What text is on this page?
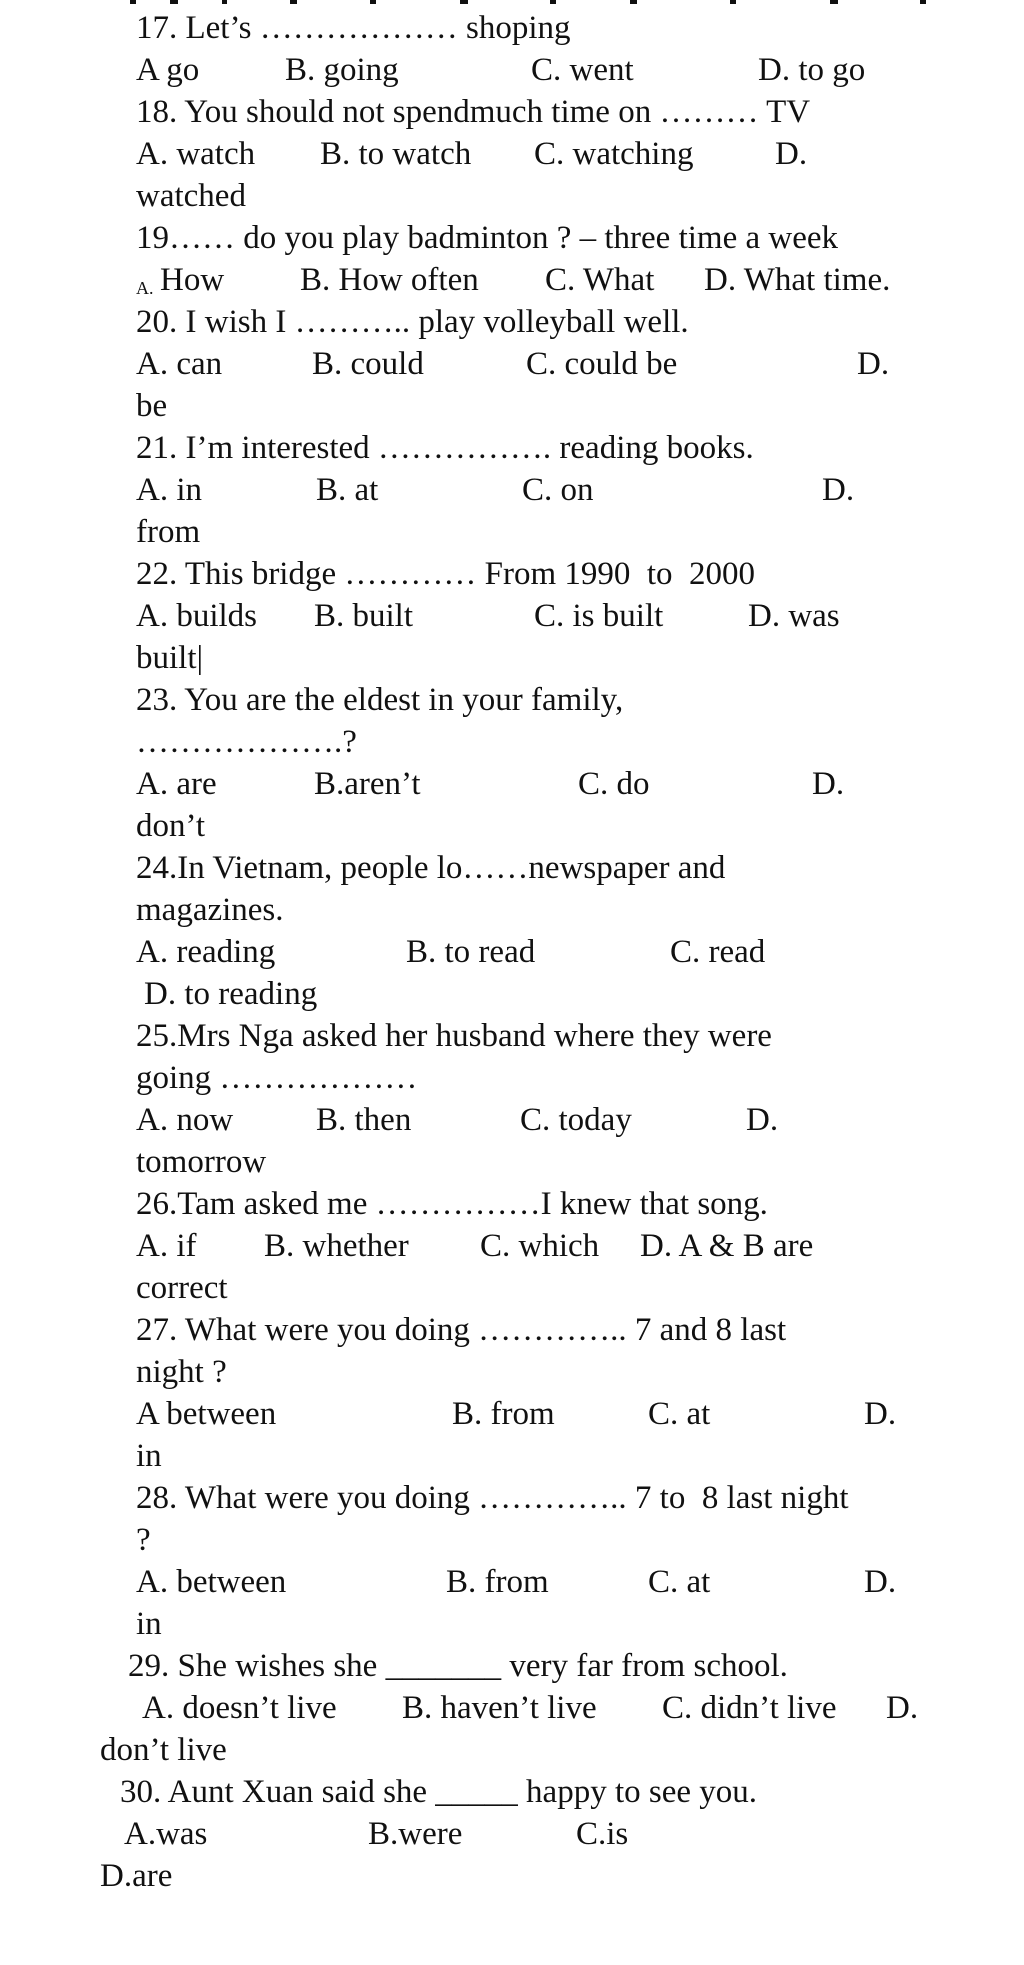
17. Let’s ……………… shoping
A go	B. going	C. went	D. to go
18. You should not spendmuch time on ……… TV
A. watch B. to watch C. watching D.
watched
19…… do you play badminton ? – three time a week
A. How B. How often C. What D. What time.
20. I wish I ……….. play volleyball well.
A. can	B. could	C. could be	D.
be
21. I’m interested ……………. reading books.
A. in	B. at	C. on	D.
from
22. This bridge ………… From 1990  to  2000
A. builds B. built	C. is built	D. was
built|
23. You are the eldest in your family,
……………….?
A. are	B.aren’t	C. do	D.
don’t
24.In Vietnam, people lo……newspaper and
magazines.
A. reading	B. to read	C. read
D. to reading
25.Mrs Nga asked her husband where they were
going ………………
A. now	B. then	C. today	D.
tomorrow
26.Tam asked me ……………I knew that song.
A. if B. whether C. which D. A & B are
correct
27. What were you doing ………….. 7 and 8 last
night ?
A between	B. from	C. at	D.
in
28. What were you doing ………….. 7 to  8 last night
?
A. between	B. from	C. at	D.
in
29. She wishes she _______ very far from school.
A. doesn’t live B. haven’t live C. didn’t live D.
don’t live
30. Aunt Xuan said she _____ happy to see you.
A.was	B.were	C.is
D.are
